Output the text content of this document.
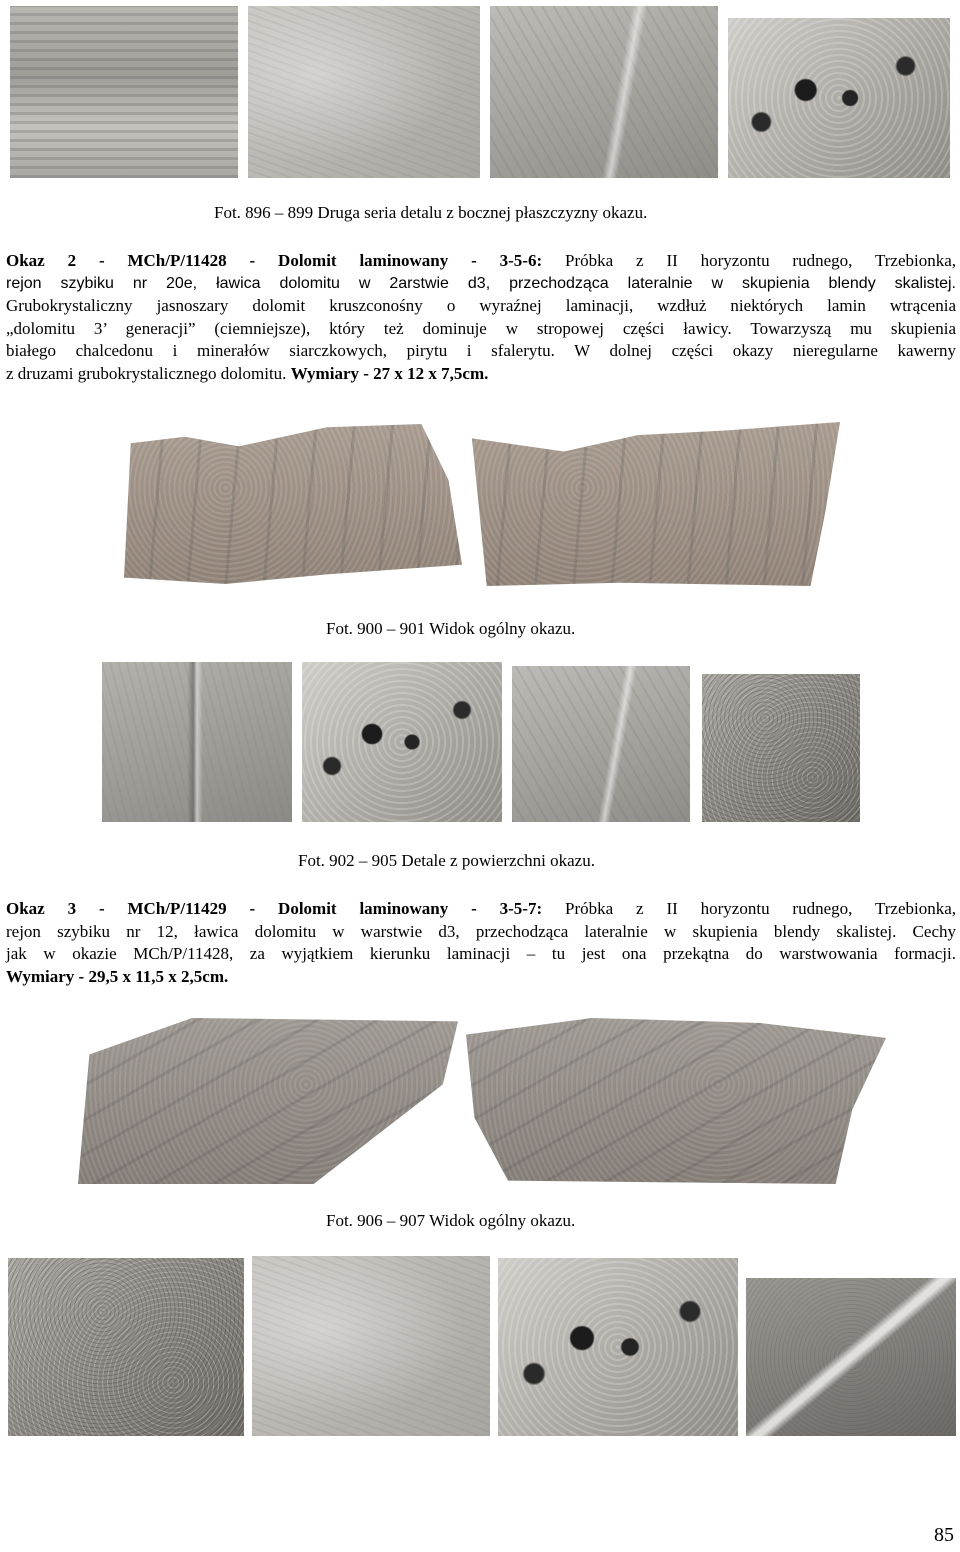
Fot. 896 – 899 Druga seria detalu z bocznej płaszczyzny okazu.
Okaz 2 - MCh/P/11428 - Dolomit laminowany - 3-5-6: Próbka z II horyzontu rudnego, Trzebionka,
rejon szybiku nr 20e, ławica dolomitu w 2arstwie d3, przechodząca lateralnie w skupienia blendy skalistej.
Grubokrystaliczny jasnoszary dolomit kruszconośny o wyraźnej laminacji, wzdłuż niektórych lamin wtrącenia
„dolomitu 3’ generacji” (ciemniejsze), który też dominuje w stropowej części ławicy. Towarzyszą mu skupienia
białego chalcedonu i minerałów siarczkowych, pirytu i sfalerytu. W dolnej części okazy nieregularne kawerny
z druzami grubokrystalicznego dolomitu. Wymiary - 27 x 12 x 7,5cm.
Fot. 900 – 901 Widok ogólny okazu.
Fot. 902 – 905 Detale z powierzchni okazu.
Okaz 3 - MCh/P/11429 - Dolomit laminowany - 3-5-7: Próbka z II horyzontu rudnego, Trzebionka,
rejon szybiku nr 12, ławica dolomitu w warstwie d3, przechodząca lateralnie w skupienia blendy skalistej. Cechy
jak w okazie MCh/P/11428, za wyjątkiem kierunku laminacji – tu jest ona przekątna do warstwowania formacji.
Wymiary - 29,5 x 11,5 x 2,5cm.
Fot. 906 – 907 Widok ogólny okazu.
85
